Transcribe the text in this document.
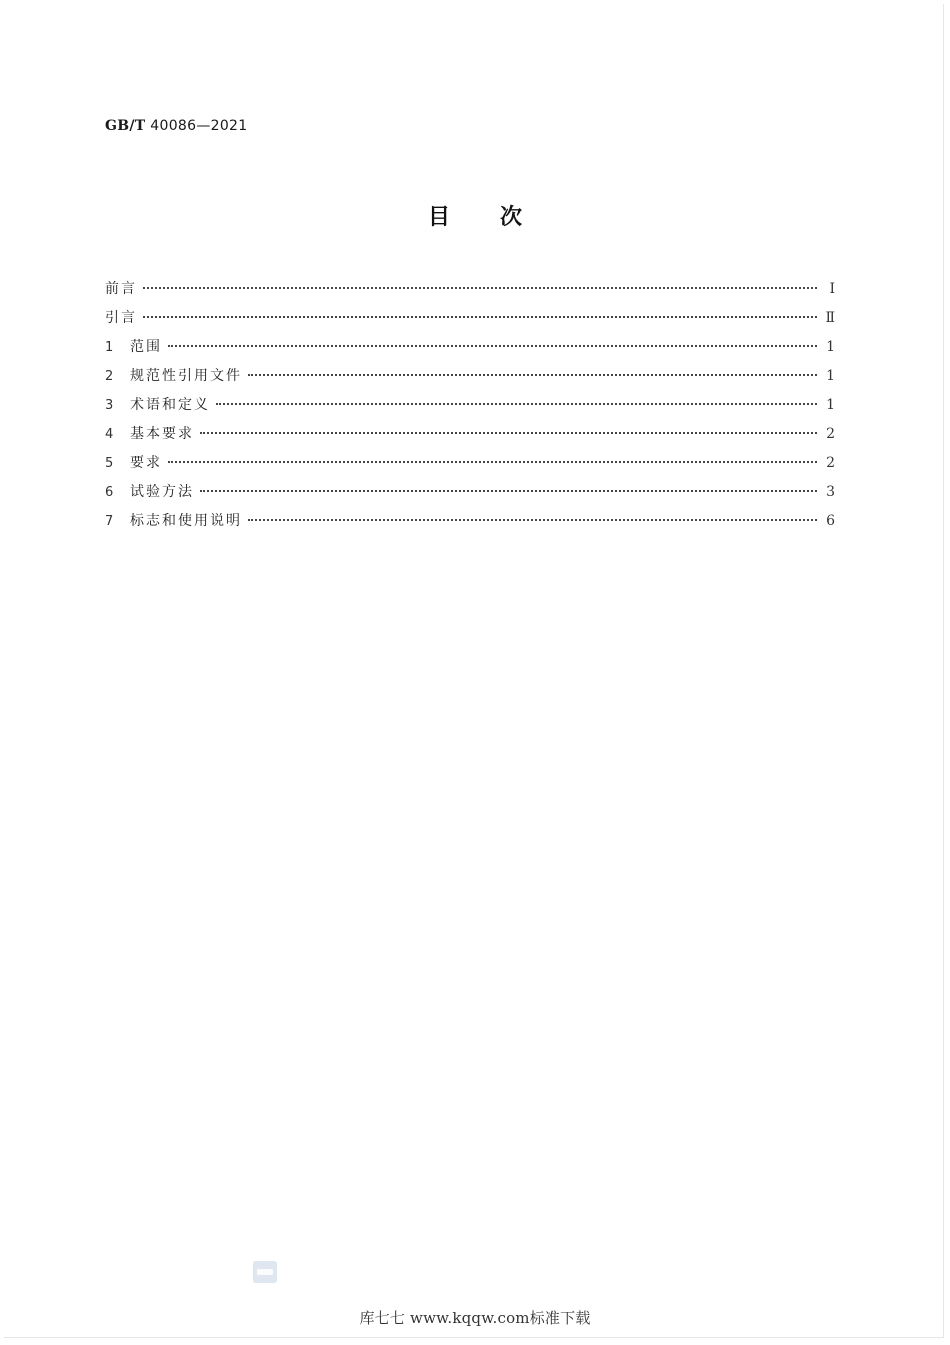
GB/T 40086—2021
目次
前言	Ⅰ
引言	Ⅱ
1	范围	1
2	规范性引用文件	1
3	术语和定义	1
4	基本要求	2
5	要求	2
6	试验方法	3
7	标志和使用说明	6
库七七 www.kqqw.com标准下载
